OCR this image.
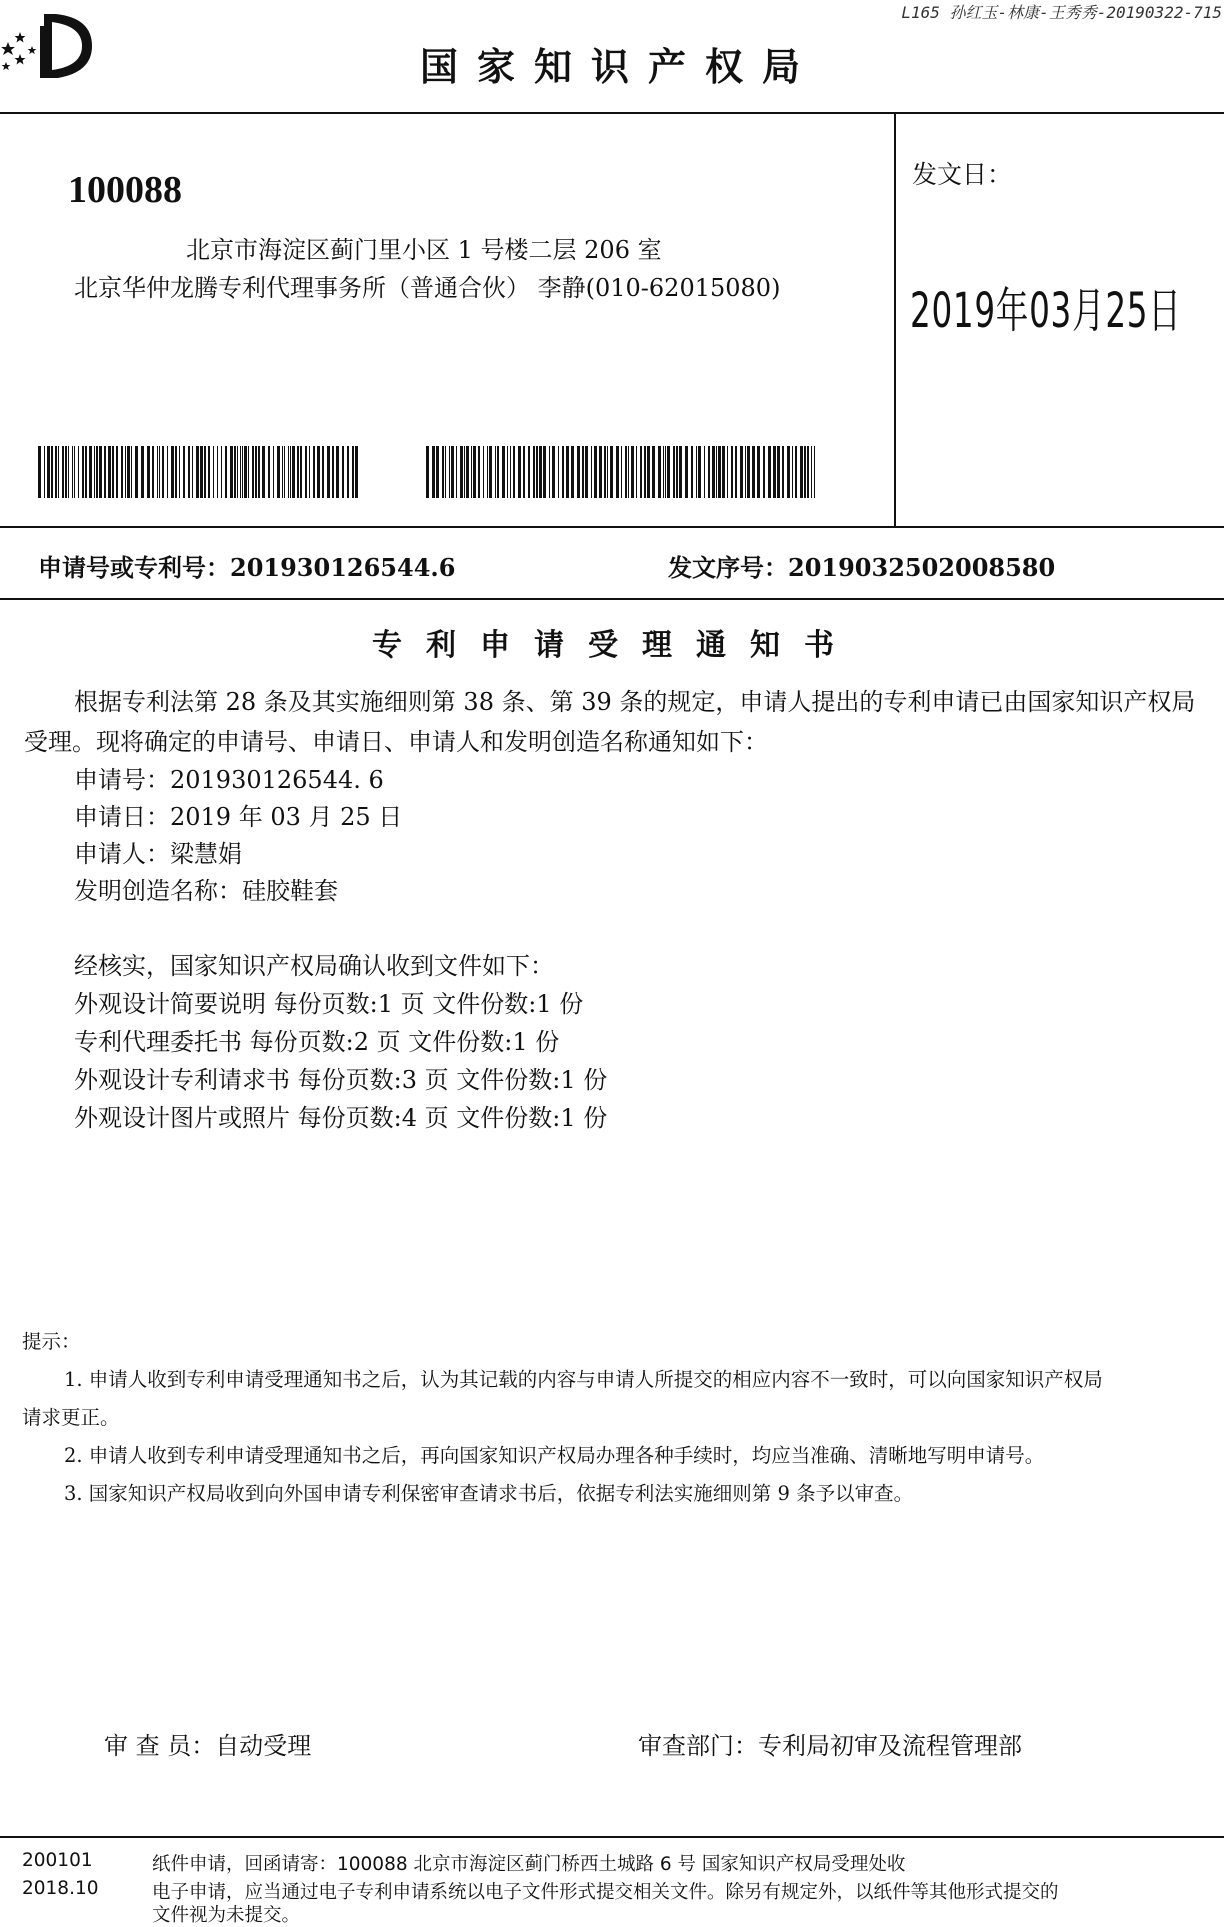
L165 孙红玉-林康-王秀秀-20190322-715
国家知识产权局
100088
北京市海淀区蓟门里小区 1 号楼二层 206 室
北京华仲龙腾专利代理事务所（普通合伙） 李静(010-62015080)
发文日：
2019年03月25日
申请号或专利号：201930126544.6	发文序号：2019032502008580
专利申请受理通知书
根据专利法第 28 条及其实施细则第 38 条、第 39 条的规定，申请人提出的专利申请已由国家知识产权局
受理。现将确定的申请号、申请日、申请人和发明创造名称通知如下：
申请号：201930126544. 6
申请日：2019 年 03 月 25 日
申请人：梁慧娟
发明创造名称：硅胶鞋套
经核实，国家知识产权局确认收到文件如下：
外观设计简要说明 每份页数:1 页 文件份数:1 份
专利代理委托书 每份页数:2 页 文件份数:1 份
外观设计专利请求书 每份页数:3 页 文件份数:1 份
外观设计图片或照片 每份页数:4 页 文件份数:1 份
提示：
1. 申请人收到专利申请受理通知书之后，认为其记载的内容与申请人所提交的相应内容不一致时，可以向国家知识产权局
请求更正。
2. 申请人收到专利申请受理通知书之后，再向国家知识产权局办理各种手续时，均应当准确、清晰地写明申请号。
3. 国家知识产权局收到向外国申请专利保密审查请求书后，依据专利法实施细则第 9 条予以审查。
审 查 员：自动受理	审查部门：专利局初审及流程管理部
200101
2018.10
纸件申请，回函请寄：100088 北京市海淀区蓟门桥西土城路 6 号 国家知识产权局受理处收
电子申请，应当通过电子专利申请系统以电子文件形式提交相关文件。除另有规定外，以纸件等其他形式提交的
文件视为未提交。
